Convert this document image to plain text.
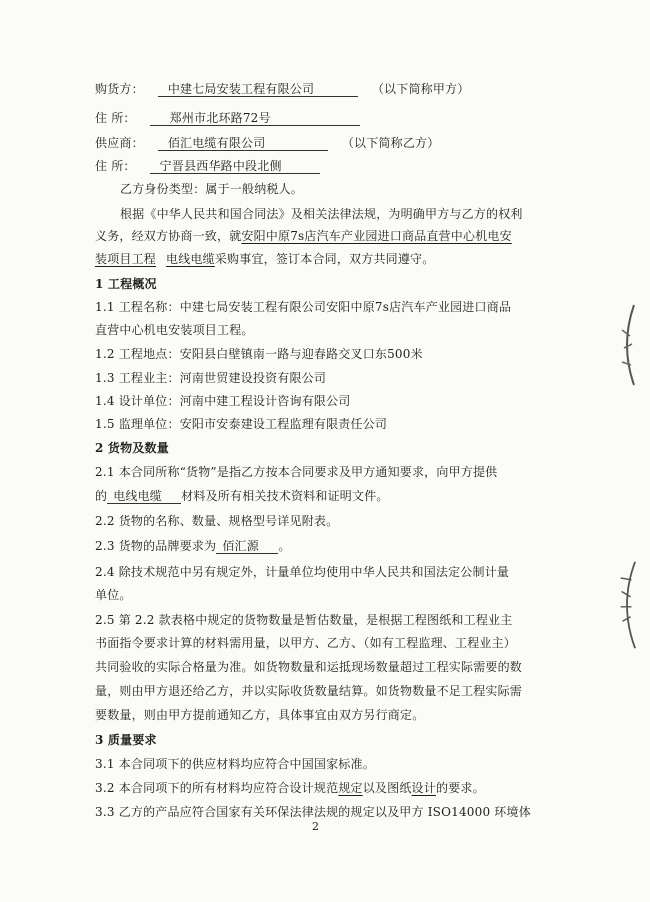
购货方： 中建七局安装工程有限公司	（以下简称甲方）
住 所：	郑州市北环路72号
供应商： 佰汇电缆有限公司	（以下简称乙方）
住 所： 宁晋县西华路中段北侧
乙方身份类型：属于一般纳税人。
根据《中华人民共和国合同法》及相关法律法规，为明确甲方与乙方的权利
义务，经双方协商一致，就安阳中原7s店汽车产业园进口商品直营中心机电安
装项目工程 电线电缆采购事宜，签订本合同，双方共同遵守。
1 工程概况
1.1 工程名称：中建七局安装工程有限公司安阳中原7s店汽车产业园进口商品
直营中心机电安装项目工程。
1.2 工程地点：安阳县白壁镇南一路与迎春路交叉口东500米
1.3 工程业主：河南世贸建设投资有限公司
1.4 设计单位：河南中建工程设计咨询有限公司
1.5 监理单位：安阳市安泰建设工程监理有限责任公司
2 货物及数量
2.1 本合同所称“货物”是指乙方按本合同要求及甲方通知要求，向甲方提供
的 电线电缆 材料及所有相关技术资料和证明文件。
2.2 货物的名称、数量、规格型号详见附表。
2.3 货物的品牌要求为 佰汇源 。
2.4 除技术规范中另有规定外，计量单位均使用中华人民共和国法定公制计量
单位。
2.5 第 2.2 款表格中规定的货物数量是暂估数量，是根据工程图纸和工程业主
书面指令要求计算的材料需用量，以甲方、乙方、（如有工程监理、工程业主）
共同验收的实际合格量为准。如货物数量和运抵现场数量超过工程实际需要的数
量，则由甲方退还给乙方，并以实际收货数量结算。如货物数量不足工程实际需
要数量，则由甲方提前通知乙方，具体事宜由双方另行商定。
3 质量要求
3.1 本合同项下的供应材料均应符合中国国家标准。
3.2 本合同项下的所有材料均应符合设计规范规定以及图纸设计的要求。
3.3 乙方的产品应符合国家有关环保法律法规的规定以及甲方 ISO14000 环境体
2
